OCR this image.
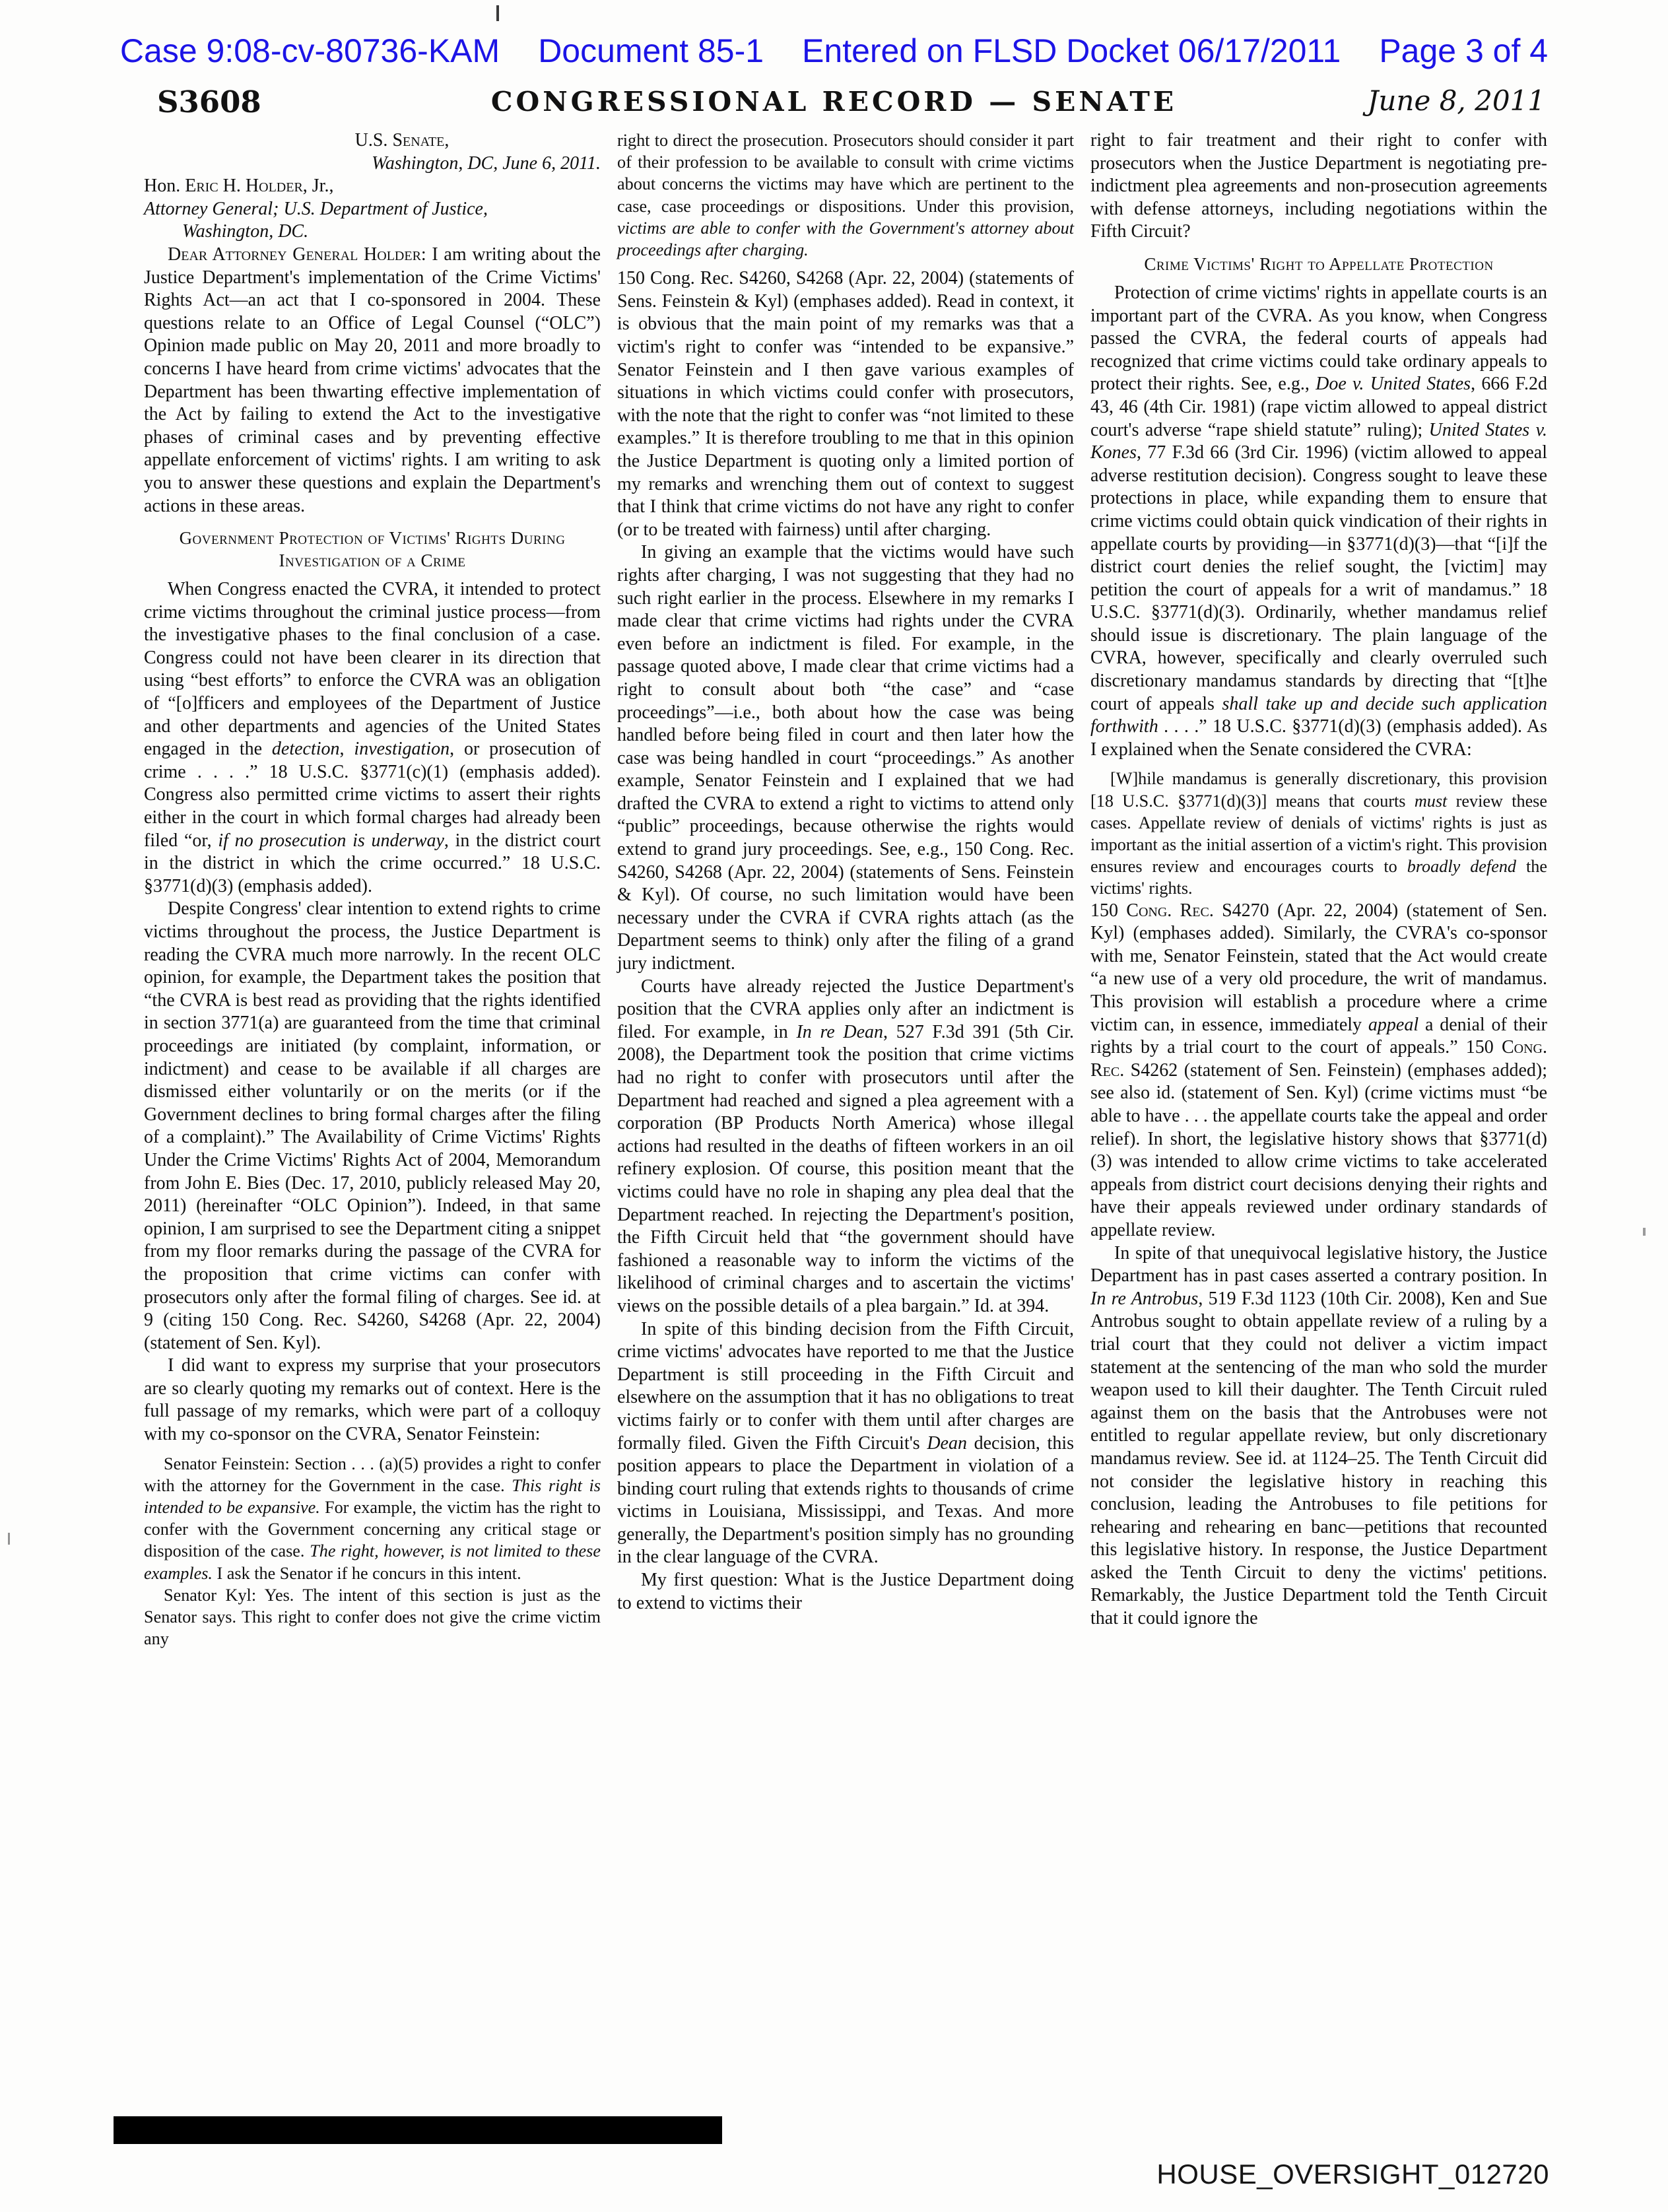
Case 9:08-cv-80736-KAM Document 85-1 Entered on FLSD Docket 06/17/2011 Page 3 of 4
S3608	CONGRESSIONAL RECORD — SENATE	June 8, 2011
U.S. Senate,
Washington, DC, June 6, 2011.
Hon. Eric H. Holder, Jr.,
Attorney General; U.S. Department of Justice,
Washington, DC.
Dear Attorney General Holder: I am writing about the Justice Department's implementation of the Crime Victims' Rights Act—an act that I co-sponsored in 2004. These questions relate to an Office of Legal Counsel (“OLC”) Opinion made public on May 20, 2011 and more broadly to concerns I have heard from crime victims' advocates that the Department has been thwarting effective implementation of the Act by failing to extend the Act to the investigative phases of criminal cases and by preventing effective appellate enforcement of victims' rights. I am writing to ask you to answer these questions and explain the Department's actions in these areas.
Government Protection of Victims' Rights During Investigation of a Crime
When Congress enacted the CVRA, it intended to protect crime victims throughout the criminal justice process—from the investigative phases to the final conclusion of a case. Congress could not have been clearer in its direction that using “best efforts” to enforce the CVRA was an obligation of “[o]fficers and employees of the Department of Justice and other departments and agencies of the United States engaged in the detection, investigation, or prosecution of crime . . . .” 18 U.S.C. §3771(c)(1) (emphasis added). Congress also permitted crime victims to assert their rights either in the court in which formal charges had already been filed “or, if no prosecution is underway, in the district court in the district in which the crime occurred.” 18 U.S.C. §3771(d)(3) (emphasis added).
Despite Congress' clear intention to extend rights to crime victims throughout the process, the Justice Department is reading the CVRA much more narrowly. In the recent OLC opinion, for example, the Department takes the position that “the CVRA is best read as providing that the rights identified in section 3771(a) are guaranteed from the time that criminal proceedings are initiated (by complaint, information, or indictment) and cease to be available if all charges are dismissed either voluntarily or on the merits (or if the Government declines to bring formal charges after the filing of a complaint).” The Availability of Crime Victims' Rights Under the Crime Victims' Rights Act of 2004, Memorandum from John E. Bies (Dec. 17, 2010, publicly released May 20, 2011) (hereinafter “OLC Opinion”). Indeed, in that same opinion, I am surprised to see the Department citing a snippet from my floor remarks during the passage of the CVRA for the proposition that crime victims can confer with prosecutors only after the formal filing of charges. See id. at 9 (citing 150 Cong. Rec. S4260, S4268 (Apr. 22, 2004) (statement of Sen. Kyl).
I did want to express my surprise that your prosecutors are so clearly quoting my remarks out of context. Here is the full passage of my remarks, which were part of a colloquy with my co-sponsor on the CVRA, Senator Feinstein:
Senator Feinstein: Section . . . (a)(5) provides a right to confer with the attorney for the Government in the case. This right is intended to be expansive. For example, the victim has the right to confer with the Government concerning any critical stage or disposition of the case. The right, however, is not limited to these examples. I ask the Senator if he concurs in this intent.
Senator Kyl: Yes. The intent of this section is just as the Senator says. This right to confer does not give the crime victim any
right to direct the prosecution. Prosecutors should consider it part of their profession to be available to consult with crime victims about concerns the victims may have which are pertinent to the case, case proceedings or dispositions. Under this provision, victims are able to confer with the Government's attorney about proceedings after charging.
150 Cong. Rec. S4260, S4268 (Apr. 22, 2004) (statements of Sens. Feinstein & Kyl) (emphases added). Read in context, it is obvious that the main point of my remarks was that a victim's right to confer was “intended to be expansive.” Senator Feinstein and I then gave various examples of situations in which victims could confer with prosecutors, with the note that the right to confer was “not limited to these examples.” It is therefore troubling to me that in this opinion the Justice Department is quoting only a limited portion of my remarks and wrenching them out of context to suggest that I think that crime victims do not have any right to confer (or to be treated with fairness) until after charging.
In giving an example that the victims would have such rights after charging, I was not suggesting that they had no such right earlier in the process. Elsewhere in my remarks I made clear that crime victims had rights under the CVRA even before an indictment is filed. For example, in the passage quoted above, I made clear that crime victims had a right to consult about both “the case” and “case proceedings”—i.e., both about how the case was being handled before being filed in court and then later how the case was being handled in court “proceedings.” As another example, Senator Feinstein and I explained that we had drafted the CVRA to extend a right to victims to attend only “public” proceedings, because otherwise the rights would extend to grand jury proceedings. See, e.g., 150 Cong. Rec. S4260, S4268 (Apr. 22, 2004) (statements of Sens. Feinstein & Kyl). Of course, no such limitation would have been necessary under the CVRA if CVRA rights attach (as the Department seems to think) only after the filing of a grand jury indictment.
Courts have already rejected the Justice Department's position that the CVRA applies only after an indictment is filed. For example, in In re Dean, 527 F.3d 391 (5th Cir. 2008), the Department took the position that crime victims had no right to confer with prosecutors until after the Department had reached and signed a plea agreement with a corporation (BP Products North America) whose illegal actions had resulted in the deaths of fifteen workers in an oil refinery explosion. Of course, this position meant that the victims could have no role in shaping any plea deal that the Department reached. In rejecting the Department's position, the Fifth Circuit held that “the government should have fashioned a reasonable way to inform the victims of the likelihood of criminal charges and to ascertain the victims' views on the possible details of a plea bargain.” Id. at 394.
In spite of this binding decision from the Fifth Circuit, crime victims' advocates have reported to me that the Justice Department is still proceeding in the Fifth Circuit and elsewhere on the assumption that it has no obligations to treat victims fairly or to confer with them until after charges are formally filed. Given the Fifth Circuit's Dean decision, this position appears to place the Department in violation of a binding court ruling that extends rights to thousands of crime victims in Louisiana, Mississippi, and Texas. And more generally, the Department's position simply has no grounding in the clear language of the CVRA.
My first question: What is the Justice Department doing to extend to victims their
right to fair treatment and their right to confer with prosecutors when the Justice Department is negotiating pre-indictment plea agreements and non-prosecution agreements with defense attorneys, including negotiations within the Fifth Circuit?
Crime Victims' Right to Appellate Protection
Protection of crime victims' rights in appellate courts is an important part of the CVRA. As you know, when Congress passed the CVRA, the federal courts of appeals had recognized that crime victims could take ordinary appeals to protect their rights. See, e.g., Doe v. United States, 666 F.2d 43, 46 (4th Cir. 1981) (rape victim allowed to appeal district court's adverse “rape shield statute” ruling); United States v. Kones, 77 F.3d 66 (3rd Cir. 1996) (victim allowed to appeal adverse restitution decision). Congress sought to leave these protections in place, while expanding them to ensure that crime victims could obtain quick vindication of their rights in appellate courts by providing—in §3771(d)(3)—that “[i]f the district court denies the relief sought, the [victim] may petition the court of appeals for a writ of mandamus.” 18 U.S.C. §3771(d)(3). Ordinarily, whether mandamus relief should issue is discretionary. The plain language of the CVRA, however, specifically and clearly overruled such discretionary mandamus standards by directing that “[t]he court of appeals shall take up and decide such application forthwith . . . .” 18 U.S.C. §3771(d)(3) (emphasis added). As I explained when the Senate considered the CVRA:
[W]hile mandamus is generally discretionary, this provision [18 U.S.C. §3771(d)(3)] means that courts must review these cases. Appellate review of denials of victims' rights is just as important as the initial assertion of a victim's right. This provision ensures review and encourages courts to broadly defend the victims' rights.
150 Cong. Rec. S4270 (Apr. 22, 2004) (statement of Sen. Kyl) (emphases added). Similarly, the CVRA's co-sponsor with me, Senator Feinstein, stated that the Act would create “a new use of a very old procedure, the writ of mandamus. This provision will establish a procedure where a crime victim can, in essence, immediately appeal a denial of their rights by a trial court to the court of appeals.” 150 Cong. Rec. S4262 (statement of Sen. Feinstein) (emphases added); see also id. (statement of Sen. Kyl) (crime victims must “be able to have . . . the appellate courts take the appeal and order relief). In short, the legislative history shows that §3771(d)(3) was intended to allow crime victims to take accelerated appeals from district court decisions denying their rights and have their appeals reviewed under ordinary standards of appellate review.
In spite of that unequivocal legislative history, the Justice Department has in past cases asserted a contrary position. In In re Antrobus, 519 F.3d 1123 (10th Cir. 2008), Ken and Sue Antrobus sought to obtain appellate review of a ruling by a trial court that they could not deliver a victim impact statement at the sentencing of the man who sold the murder weapon used to kill their daughter. The Tenth Circuit ruled against them on the basis that the Antrobuses were not entitled to regular appellate review, but only discretionary mandamus review. See id. at 1124–25. The Tenth Circuit did not consider the legislative history in reaching this conclusion, leading the Antrobuses to file petitions for rehearing and rehearing en banc—petitions that recounted this legislative history. In response, the Justice Department asked the Tenth Circuit to deny the victims' petitions. Remarkably, the Justice Department told the Tenth Circuit that it could ignore the
HOUSE_OVERSIGHT_012720
